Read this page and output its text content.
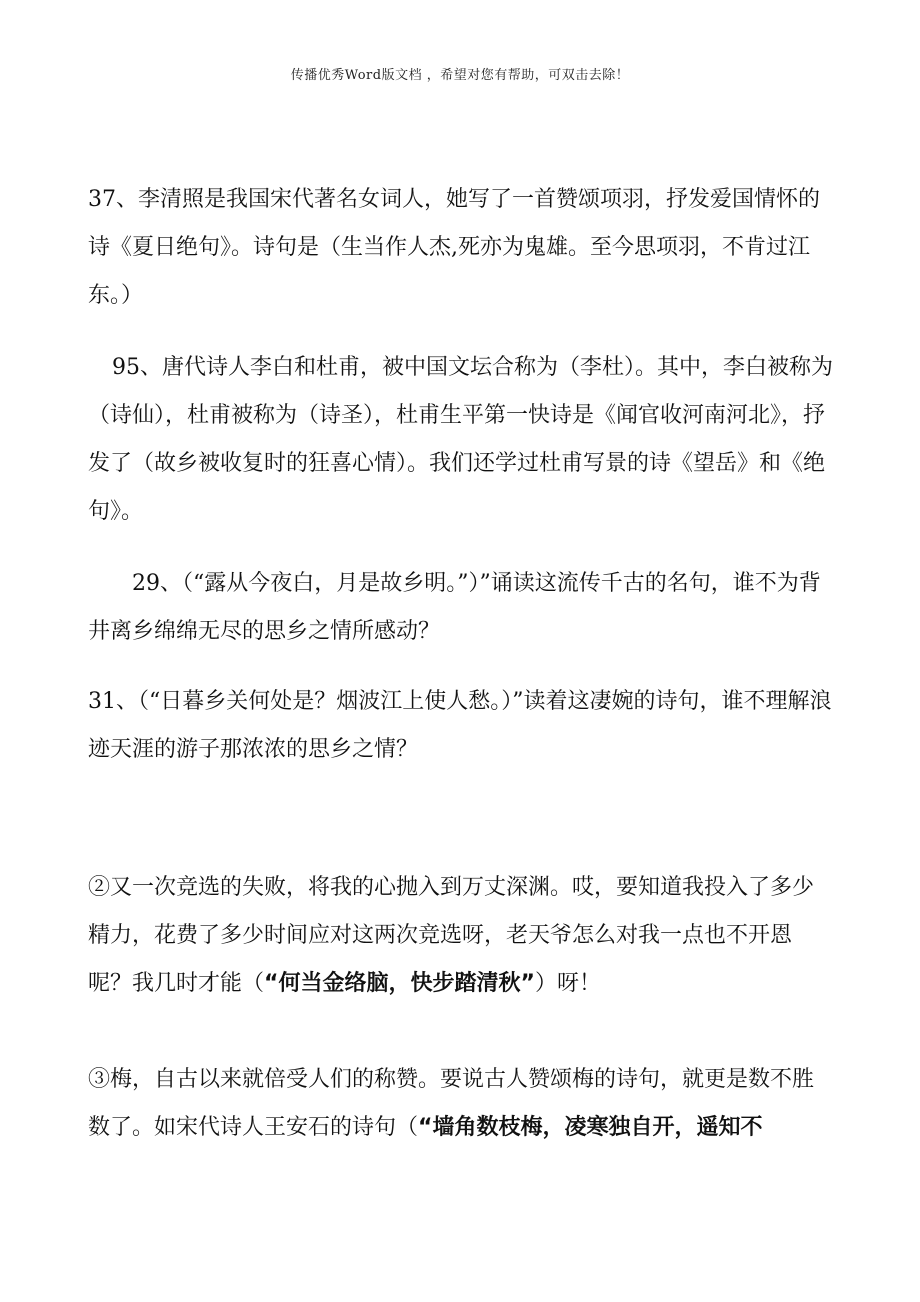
传播优秀Word版文档 ，希望对您有帮助，可双击去除！

37、李清照是我国宋代著名女词人，她写了一首赞颂项羽，抒发爱国情怀的诗《夏日绝句》。诗句是（生当作人杰,死亦为鬼雄。至今思项羽，不肯过江东。）

95、唐代诗人李白和杜甫，被中国文坛合称为（李杜）。其中，李白被称为（诗仙），杜甫被称为（诗圣），杜甫生平第一快诗是《闻官收河南河北》，抒发了（故乡被收复时的狂喜心情）。我们还学过杜甫写景的诗《望岳》和《绝句》。

29、（“露从今夜白，月是故乡明。”）”诵读这流传千古的名句，谁不为背井离乡绵绵无尽的思乡之情所感动？

31、（“日暮乡关何处是？烟波江上使人愁。）”读着这凄婉的诗句，谁不理解浪迹天涯的游子那浓浓的思乡之情？

②又一次竞选的失败，将我的心抛入到万丈深渊。哎，要知道我投入了多少精力，花费了多少时间应对这两次竞选呀，老天爷怎么对我一点也不开恩呢？我几时才能（“何当金络脑，快步踏清秋”）呀！

③梅，自古以来就倍受人们的称赞。要说古人赞颂梅的诗句，就更是数不胜数了。如宋代诗人王安石的诗句（“墙角数枝梅，凌寒独自开，遥知不
